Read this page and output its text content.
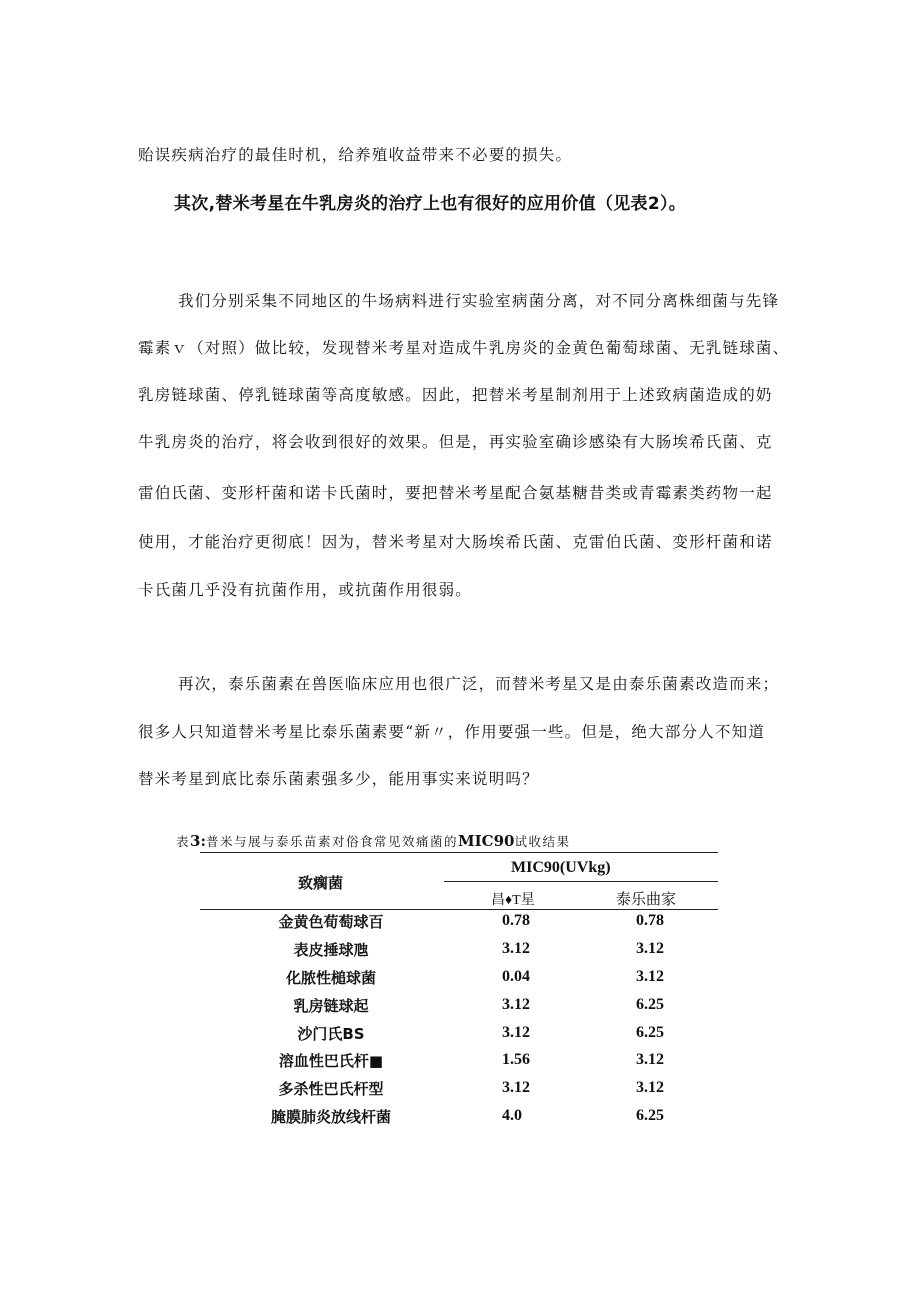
贻误疾病治疗的最佳时机，给养殖收益带来不必要的损失。
其次,替米考星在牛乳房炎的治疗上也有很好的应用价值（见表2）。
我们分别采集不同地区的牛场病料进行实验室病菌分离，对不同分离株细菌与先锋
霉素ｖ（对照）做比较，发现替米考星对造成牛乳房炎的金黄色葡萄球菌、无乳链球菌、
乳房链球菌、停乳链球菌等高度敏感。因此，把替米考星制剂用于上述致病菌造成的奶
牛乳房炎的治疗，将会收到很好的效果。但是，再实验室确诊感染有大肠埃希氏菌、克
雷伯氏菌、变形杆菌和诺卡氏菌时，要把替米考星配合氨基糖昔类或青霉素类药物一起
使用，才能治疗更彻底！因为，替米考星对大肠埃希氏菌、克雷伯氏菌、变形杆菌和诺
卡氏菌几乎没有抗菌作用，或抗菌作用很弱。
再次，泰乐菌素在兽医临床应用也很广泛，而替米考星又是由泰乐菌素改造而来；
很多人只知道替米考星比泰乐菌素要“新〃，作用要强一些。但是，绝大部分人不知道
替米考星到底比泰乐菌素强多少，能用事实来说明吗？
表3:普米与展与泰乐苗素对俗食常见效痛菌的MIC90试收结果
致瘸菌
MIC90(UVkg)
昌♦T星	泰乐曲家
金黄色荀萄球百	0.78	0.78
表皮捶球虺	3.12	3.12
化脓性槌球菌	0.04	3.12
乳房链球起	3.12	6.25
沙门氏BS	3.12	6.25
溶血性巴氏杆■	1.56	3.12
多杀性巴氏杆型	3.12	3.12
腌膜肺炎放线杆菌	4.0	6.25
